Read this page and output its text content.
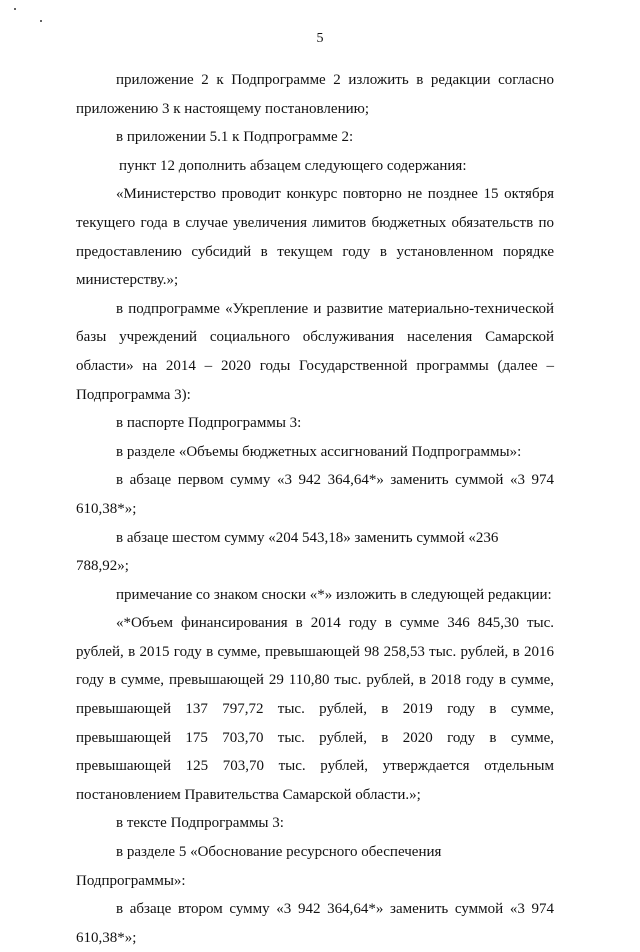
5

приложение 2 к Подпрограмме 2 изложить в редакции согласно приложению 3 к настоящему постановлению;

в приложении 5.1 к Подпрограмме 2:

пункт 12 дополнить абзацем следующего содержания:

«Министерство проводит конкурс повторно не позднее 15 октября текущего года в случае увеличения лимитов бюджетных обязательств по предоставлению субсидий в текущем году в установленном порядке министерству.»;

в подпрограмме «Укрепление и развитие материально-технической базы учреждений социального обслуживания населения Самарской области» на 2014 – 2020 годы Государственной программы (далее – Подпрограмма 3):

в паспорте Подпрограммы 3:

в разделе «Объемы бюджетных ассигнований Подпрограммы»:

в абзаце первом сумму «3 942 364,64*» заменить суммой «3 974 610,38*»;

в абзаце шестом сумму «204 543,18» заменить суммой «236 788,92»;

примечание со знаком сноски «*» изложить в следующей редакции:

«*Объем финансирования в 2014 году в сумме 346 845,30 тыс. рублей, в 2015 году в сумме, превышающей 98 258,53 тыс. рублей, в 2016 году в сумме, превышающей 29 110,80 тыс. рублей, в 2018 году в сумме, превышающей 137 797,72 тыс. рублей, в 2019 году в сумме, превышающей 175 703,70 тыс. рублей, в 2020 году в сумме, превышающей 125 703,70 тыс. рублей, утверждается отдельным постановлением Правительства Самарской области.»;

в тексте Подпрограммы 3:

в разделе 5 «Обоснование ресурсного обеспечения Подпрограммы»:

в абзаце втором сумму «3 942 364,64*» заменить суммой «3 974 610,38*»;
